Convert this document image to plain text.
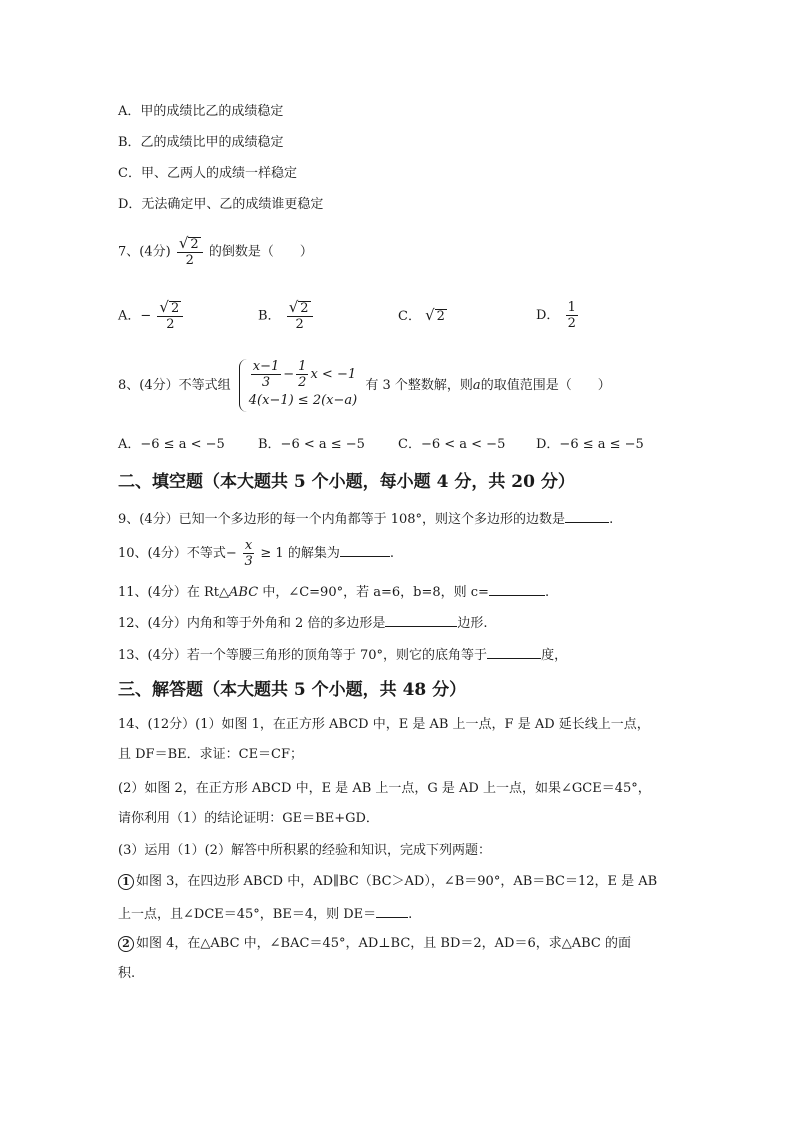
A．甲的成绩比乙的成绩稳定
B．乙的成绩比甲的成绩稳定
C．甲、乙两人的成绩一样稳定
D．无法确定甲、乙的成绩谁更稳定
7、(4分) $\frac{√ 2}{2}$ 的倒数是（　　）
A．− $\frac{√ 2}{2}$	B． $\frac{√ 2}{2}$	C． √ 2	D． $\frac{1}{2}$
8、(4分）不等式组 $\frac{x-1}{3} - \frac{1}{2}$ x < −1
4(x−1) ≤ 2(x−a)
有 3 个整数解，则a的取值范围是（　　）
A．−6 ≤ a < −5	B．−6 < a ≤ −5	C．−6 < a < −5 D．−6 ≤ a ≤ −5
二、填空题（本大题共 5 个小题，每小题 4 分，共 20 分）
9、(4分）已知一个多边形的每一个内角都等于 108°，则这个多边形的边数是	.
10、(4分）不等式− $\frac{x}{3} \ge 1$ 的解集为	.
11、(4分）在 Rt△ABC 中，∠C=90°，若 a=6，b=8，则 c=	.
12、(4分）内角和等于外角和 2 倍的多边形是	边形.
13、(4分）若一个等腰三角形的顶角等于 70°，则它的底角等于	度，
三、解答题（本大题共 5 个小题，共 48 分）
14、(12分）(1）如图 1，在正方形 ABCD 中，E 是 AB 上一点，F 是 AD 延长线上一点，
且 DF＝BE．求证：CE＝CF；
(2）如图 2，在正方形 ABCD 中，E 是 AB 上一点，G 是 AD 上一点，如果∠GCE＝45°，
请你利用（1）的结论证明：GE＝BE+GD．
(3）运用（1）(2）解答中所积累的经验和知识，完成下列两题：
1 如图 3，在四边形 ABCD 中，AD∥BC（BC＞AD），∠B＝90°，AB＝BC＝12，E 是 AB
上一点，且∠DCE＝45°，BE＝4，则 DE＝ .
2 如图 4，在△ABC 中，∠BAC＝45°，AD⊥BC，且 BD＝2，AD＝6，求△ABC 的面
积.
